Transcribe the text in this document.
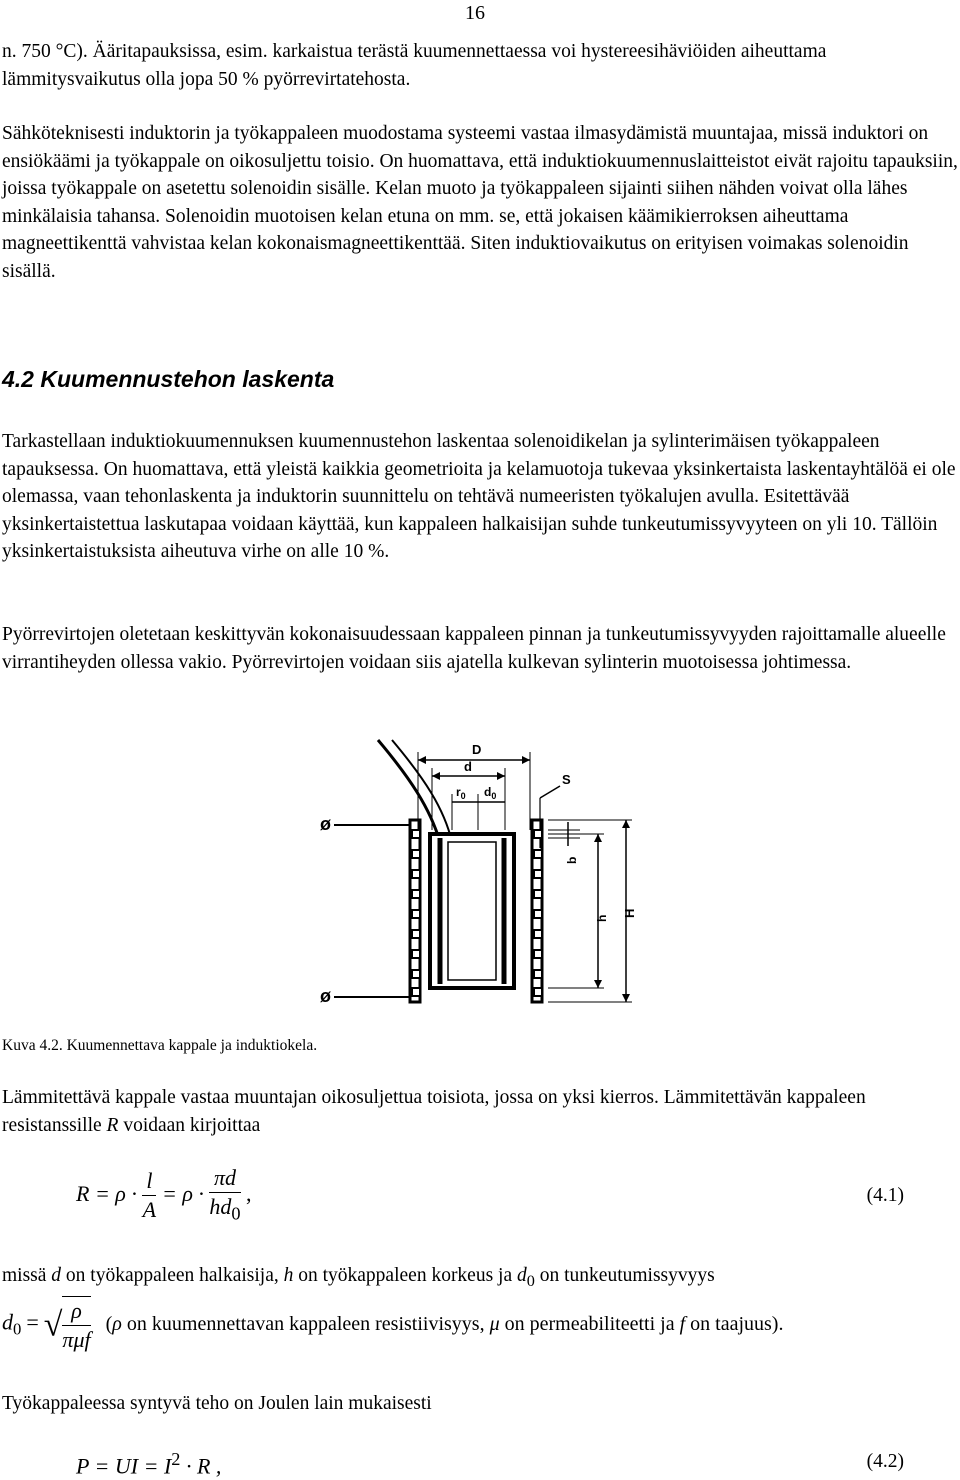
16

n. 750 °C). Ääritapauksissa, esim. karkaistua terästä kuumennettaessa voi hystereesihäviöiden aiheuttama lämmitysvaikutus olla jopa 50 % pyörrevirtatehosta.

Sähköteknisesti induktorin ja työkappaleen muodostama systeemi vastaa ilmasydämistä muuntajaa, missä induktori on ensiökäämi ja työkappale on oikosuljettu toisio. On huomattava, että induktiokuumennuslaitteistot eivät rajoitu tapauksiin, joissa työkappale on asetettu solenoidin sisälle. Kelan muoto ja työkappaleen sijainti siihen nähden voivat olla lähes minkälaisia tahansa. Solenoidin muotoisen kelan etuna on mm. se, että jokaisen käämikierroksen aiheuttama magneettikenttä vahvistaa kelan kokonaismagneettikenttää. Siten induktiovaikutus on erityisen voimakas solenoidin sisällä.

4.2 Kuumennustehon laskenta

Tarkastellaan induktiokuumennuksen kuumennustehon laskentaa solenoidikelan ja sylinterimäisen työkappaleen tapauksessa. On huomattava, että yleistä kaikkia geometrioita ja kelamuotoja tukevaa yksinkertaista laskentayhtälöä ei ole olemassa, vaan tehonlaskenta ja induktorin suunnittelu on tehtävä numeeristen työkalujen avulla. Esitettävää yksinkertaistettua laskutapaa voidaan käyttää, kun kappaleen halkaisijan suhde tunkeutumissyvyyteen on yli 10. Tällöin yksinkertaistuksista aiheutuva virhe on alle 10 %.

Pyörrevirtojen oletetaan keskittyvän kokonaisuudessaan kappaleen pinnan ja tunkeutumissyvyyden rajoittamalle alueelle virrantiheyden ollessa vakio. Pyörrevirtojen voidaan siis ajatella kulkevan sylinterin muotoisessa johtimessa.

D
d
$r_0$ $d_0$
S
ø
ø
b
h
H

Kuva 4.2. Kuumennettava kappale ja induktiokela.

Lämmitettävä kappale vastaa muuntajan oikosuljettua toisiota, jossa on yksi kierros. Lämmitettävän kappaleen resistanssille R voidaan kirjoittaa

$R = \rho \cdot \frac{l}{A} = \rho \cdot \frac{\pi d}{hd_0}$ ,	(4.1)

missä d on työkappaleen halkaisija, h on työkappaleen korkeus ja $d_0$ on tunkeutumissyvyys

$d_0$ = √ $\frac{\rho}{\text{πμf}} (\rho$ on kuumennettavan kappaleen resistiivisyys, μ on permeabiliteetti ja f on taajuus).

Työkappaleessa syntyvä teho on Joulen lain mukaisesti

P = UI = $I^2 \cdot R$ ,	(4.2)
